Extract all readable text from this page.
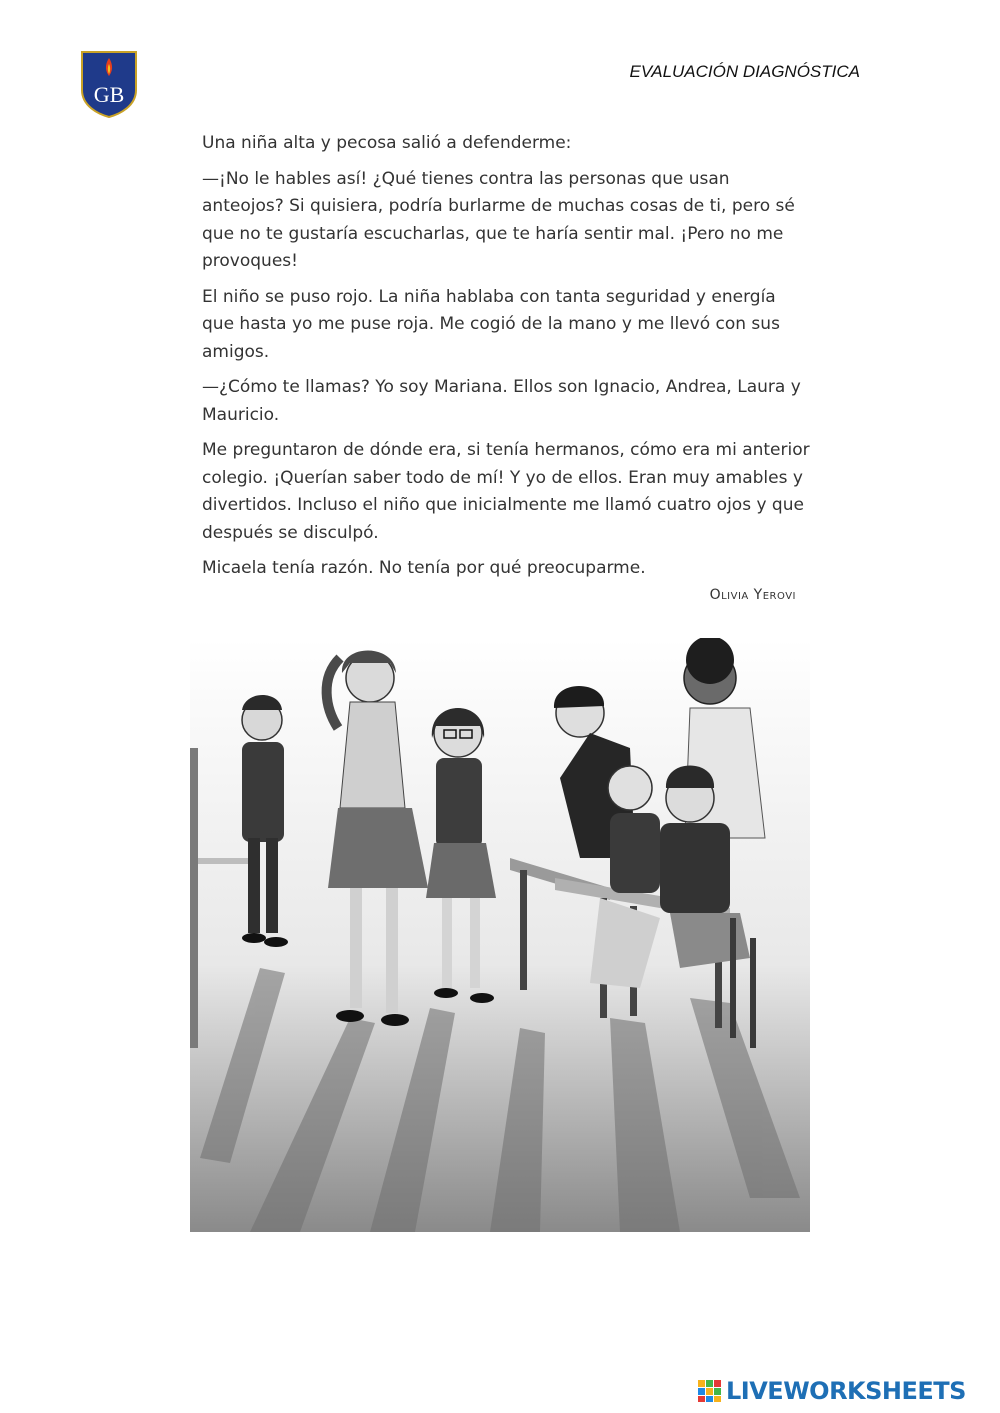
GB
EVALUACIÓN DIAGNÓSTICA

Una niña alta y pecosa salió a defenderme:

—¡No le hables así! ¿Qué tienes contra las personas que usan anteojos? Si quisiera, podría burlarme de muchas cosas de ti, pero sé que no te gustaría escucharlas, que te haría sentir mal. ¡Pero no me provoques!

El niño se puso rojo. La niña hablaba con tanta seguridad y energía que hasta yo me puse roja. Me cogió de la mano y me llevó con sus amigos.

—¿Cómo te llamas? Yo soy Mariana. Ellos son Ignacio, Andrea, Laura y Mauricio.

Me preguntaron de dónde era, si tenía hermanos, cómo era mi anterior colegio. ¡Querían saber todo de mí! Y yo de ellos. Eran muy amables y divertidos. Incluso el niño que inicialmente me llamó cuatro ojos y que después se disculpó.

Micaela tenía razón. No tenía por qué preocuparme.

Olivia Yerovi
LIVEWORKSHEETS
